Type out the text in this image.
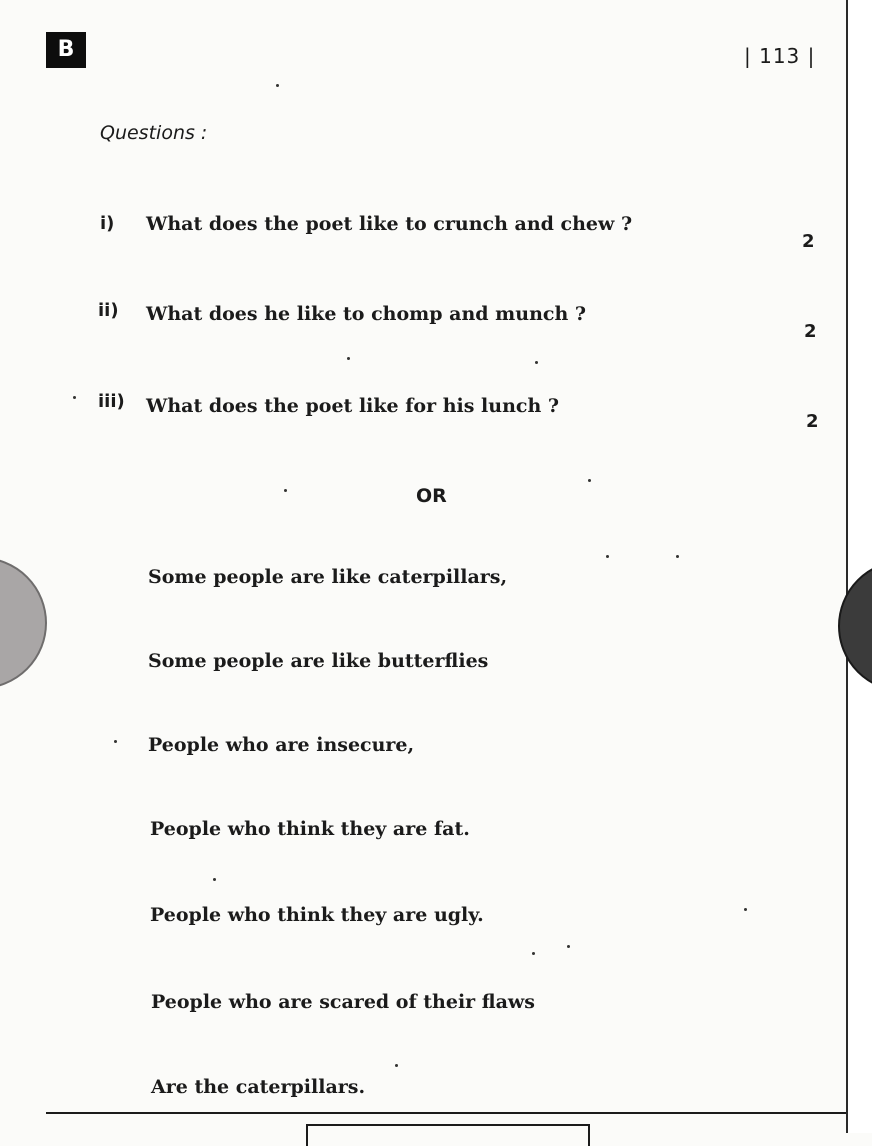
B	| 113 |
Questions :
i) What does the poet like to crunch and chew ?
2
ii) What does he like to chomp and munch ?
2
iii) What does the poet like for his lunch ?
2
OR
Some people are like caterpillars,
Some people are like butterflies
People who are insecure,
People who think they are fat.
People who think they are ugly.
People who are scared of their flaws
Are the caterpillars.
